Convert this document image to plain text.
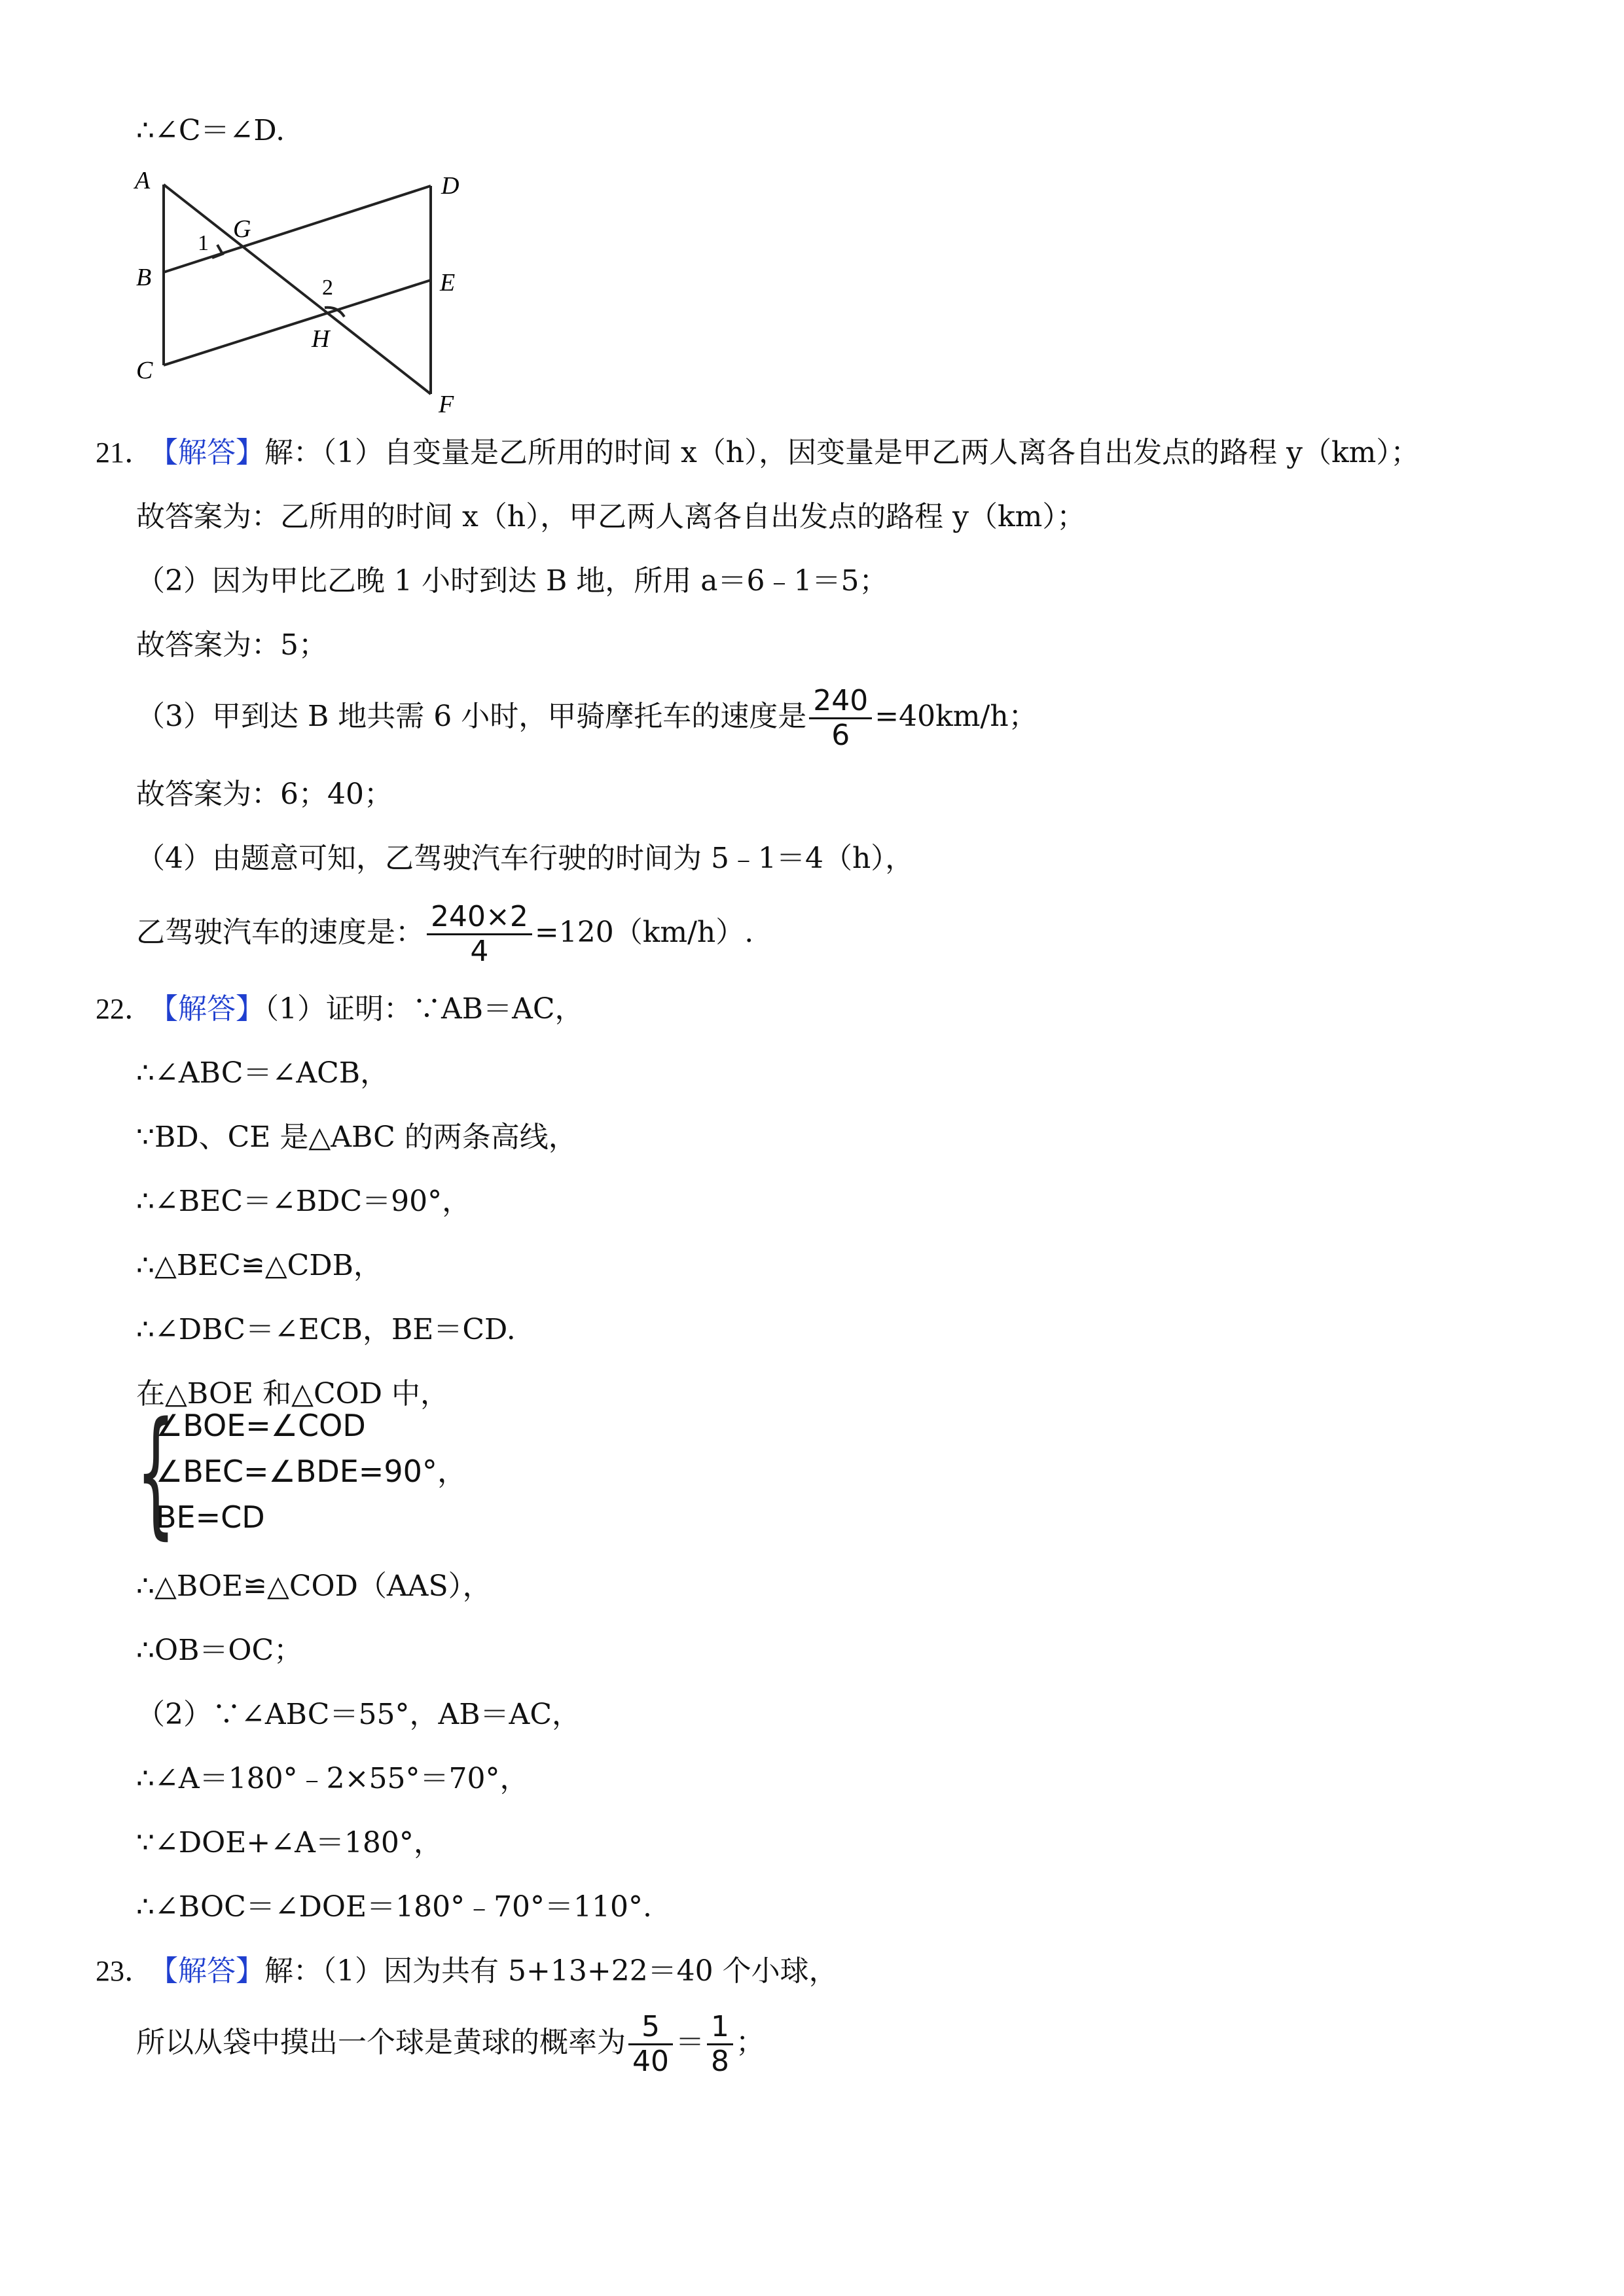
∴∠C＝∠D.
A
B
C
D
E
F
G
H
1
2
21．
【解答】解：（1）自变量是乙所用的时间 x（h），因变量是甲乙两人离各自出发点的路程 y（km）；
故答案为：乙所用的时间 x（h），甲乙两人离各自出发点的路程 y（km）；
（2）因为甲比乙晚 1 小时到达 B 地，所用 a＝6﹣1＝5；
故答案为：5；
（3）甲到达 B 地共需 6 小时，甲骑摩托车的速度是 $\frac{240}{6} =40km/h$；
故答案为：6；40；
（4）由题意可知，乙驾驶汽车行驶的时间为 5﹣1＝4（h），
乙驾驶汽车的速度是： $\frac{240\times 2}{4} =120(km/h)$.
22．
【解答】（1）证明：∵AB＝AC，
∴∠ABC＝∠ACB，
∵BD、CE 是△ABC 的两条高线，
∴∠BEC＝∠BDC＝90°，
∴△BEC≌△CDB，
∴∠DBC＝∠ECB，BE＝CD.
在△BOE 和△COD 中，
{
∠BOE=∠COD
∠BEC=∠BDE=90°，
BE=CD
∴△BOE≌△COD（AAS），
∴OB＝OC；
（2）∵∠ABC＝55°，AB＝AC，
∴∠A＝180°﹣2×55°＝70°，
∵∠DOE+∠A＝180°，
∴∠BOC＝∠DOE＝180°﹣70°＝110°.
23．
【解答】解：（1）因为共有 5+13+22＝40 个小球，
所以从袋中摸出一个球是黄球的概率为 $\frac{5}{40} = \frac{1}{8}$ ；
